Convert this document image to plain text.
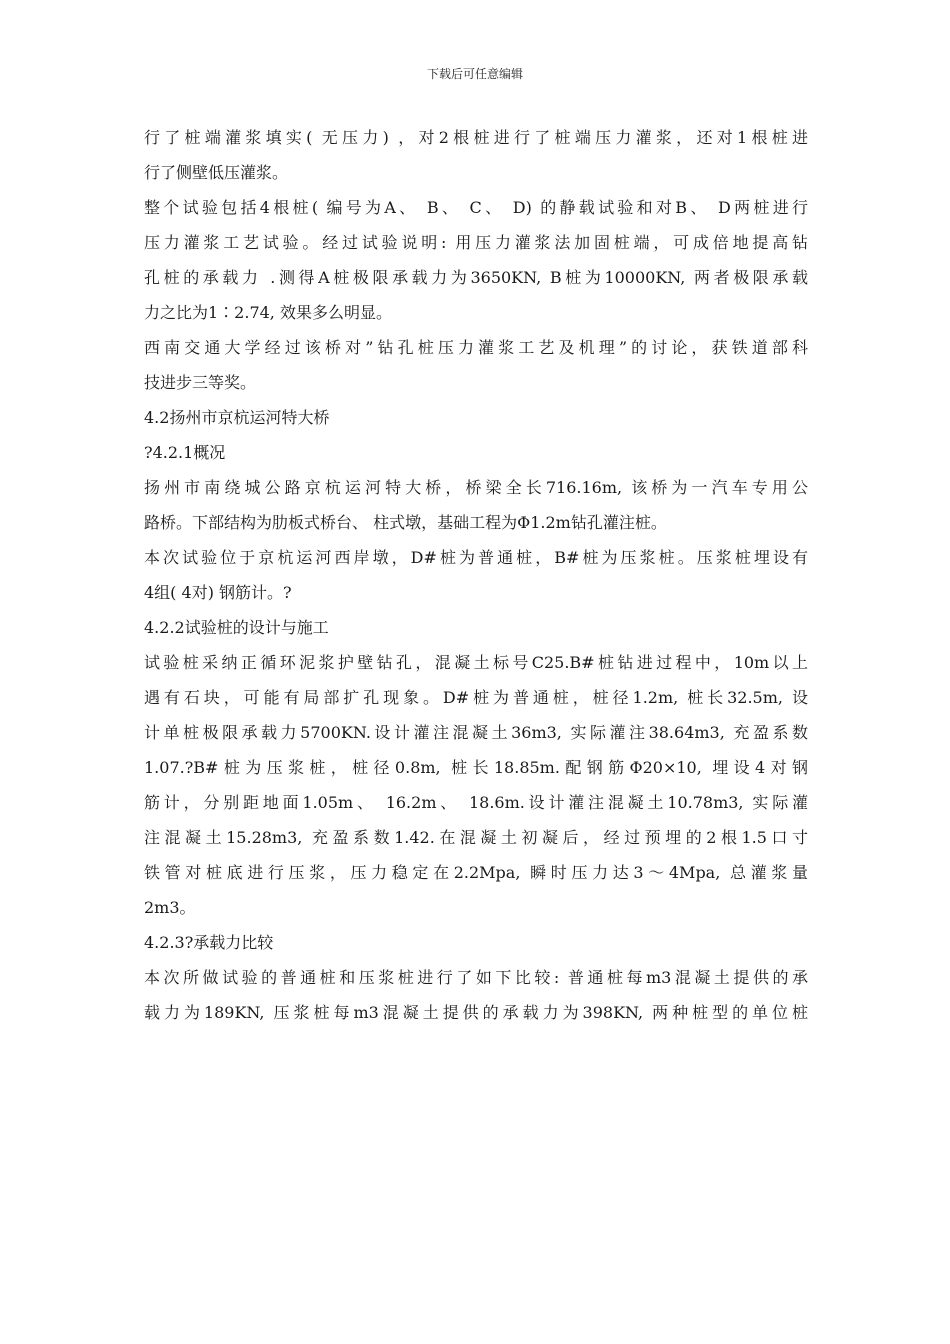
下载后可任意编辑
行了桩端灌浆填实( 无压力) ，对2根桩进行了桩端压力灌浆，还对1根桩进
行了侧壁低压灌浆。
整个试验包括4根桩( 编号为A、 B、 C、 D) 的静载试验和对B、 D两桩进行
压力灌浆工艺试验。经过试验说明: 用压力灌浆法加固桩端，可成倍地提高钻
孔桩的承载力 .测得A桩极限承载力为3650KN, B桩为10000KN, 两者极限承载
力之比为1∶2.74, 效果多么明显。
西南交通大学经过该桥对”钻孔桩压力灌浆工艺及机理”的讨论，获铁道部科
技进步三等奖。
4.2扬州市京杭运河特大桥
?4.2.1概况
扬州市南绕城公路京杭运河特大桥，桥梁全长716.16m, 该桥为一汽车专用公
路桥。下部结构为肋板式桥台、 柱式墩，基础工程为Φ1.2m钻孔灌注桩。
本次试验位于京杭运河西岸墩，D#桩为普通桩，B#桩为压浆桩。压浆桩埋设有
4组( 4对) 钢筋计。?
4.2.2试验桩的设计与施工
试验桩采纳正循环泥浆护壁钻孔，混凝土标号C25.B#桩钻进过程中，10m以上
遇有石块，可能有局部扩孔现象。D#桩为普通桩，桩径1.2m, 桩长32.5m, 设
计单桩极限承载力5700KN.设计灌注混凝土36m3, 实际灌注38.64m3, 充盈系数
1.07.?B#桩为压浆桩，桩径0.8m, 桩长18.85m.配钢筋Φ20×10, 埋设4对钢
筋计，分别距地面1.05m、 16.2m、 18.6m.设计灌注混凝土10.78m3, 实际灌
注混凝土15.28m3, 充盈系数1.42.在混凝土初凝后，经过预埋的2根1.5口寸
铁管对桩底进行压浆，压力稳定在2.2Mpa, 瞬时压力达3～4Mpa, 总灌浆量
2m3。
4.2.3?承载力比较
本次所做试验的普通桩和压浆桩进行了如下比较: 普通桩每m3混凝土提供的承
载力为189KN, 压浆桩每m3混凝土提供的承载力为398KN, 两种桩型的单位桩
